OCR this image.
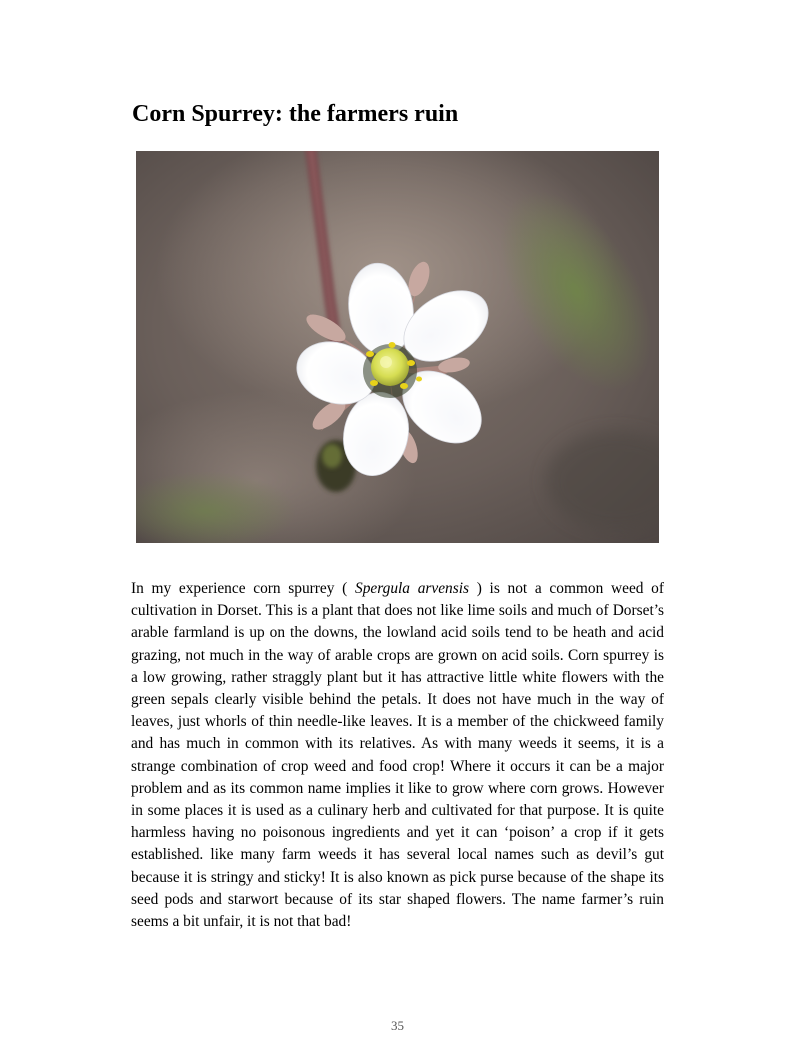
Corn Spurrey: the farmers ruin

In my experience corn spurrey ( Spergula arvensis ) is not a common weed of cultivation in Dorset. This is a plant that does not like lime soils and much of Dorset’s arable farmland is up on the downs, the lowland acid soils tend to be heath and acid grazing, not much in the way of arable crops are grown on acid soils. Corn spurrey is a low growing, rather straggly plant but it has attractive little white flowers with the green sepals clearly visible behind the petals. It does not have much in the way of leaves, just whorls of thin needle-like leaves. It is a member of the chickweed family and has much in common with its relatives. As with many weeds it seems, it is a strange combination of crop weed and food crop! Where it occurs it can be a major problem and as its common name implies it like to grow where corn grows. However in some places it is used as a culinary herb and cultivated for that purpose. It is quite harmless having no poisonous ingredients and yet it can ‘poison’ a crop if it gets established. like many farm weeds it has several local names such as devil’s gut because it is stringy and sticky! It is also known as pick purse because of the shape its seed pods and starwort because of its star shaped flowers. The name farmer’s ruin seems a bit unfair, it is not that bad!

35
